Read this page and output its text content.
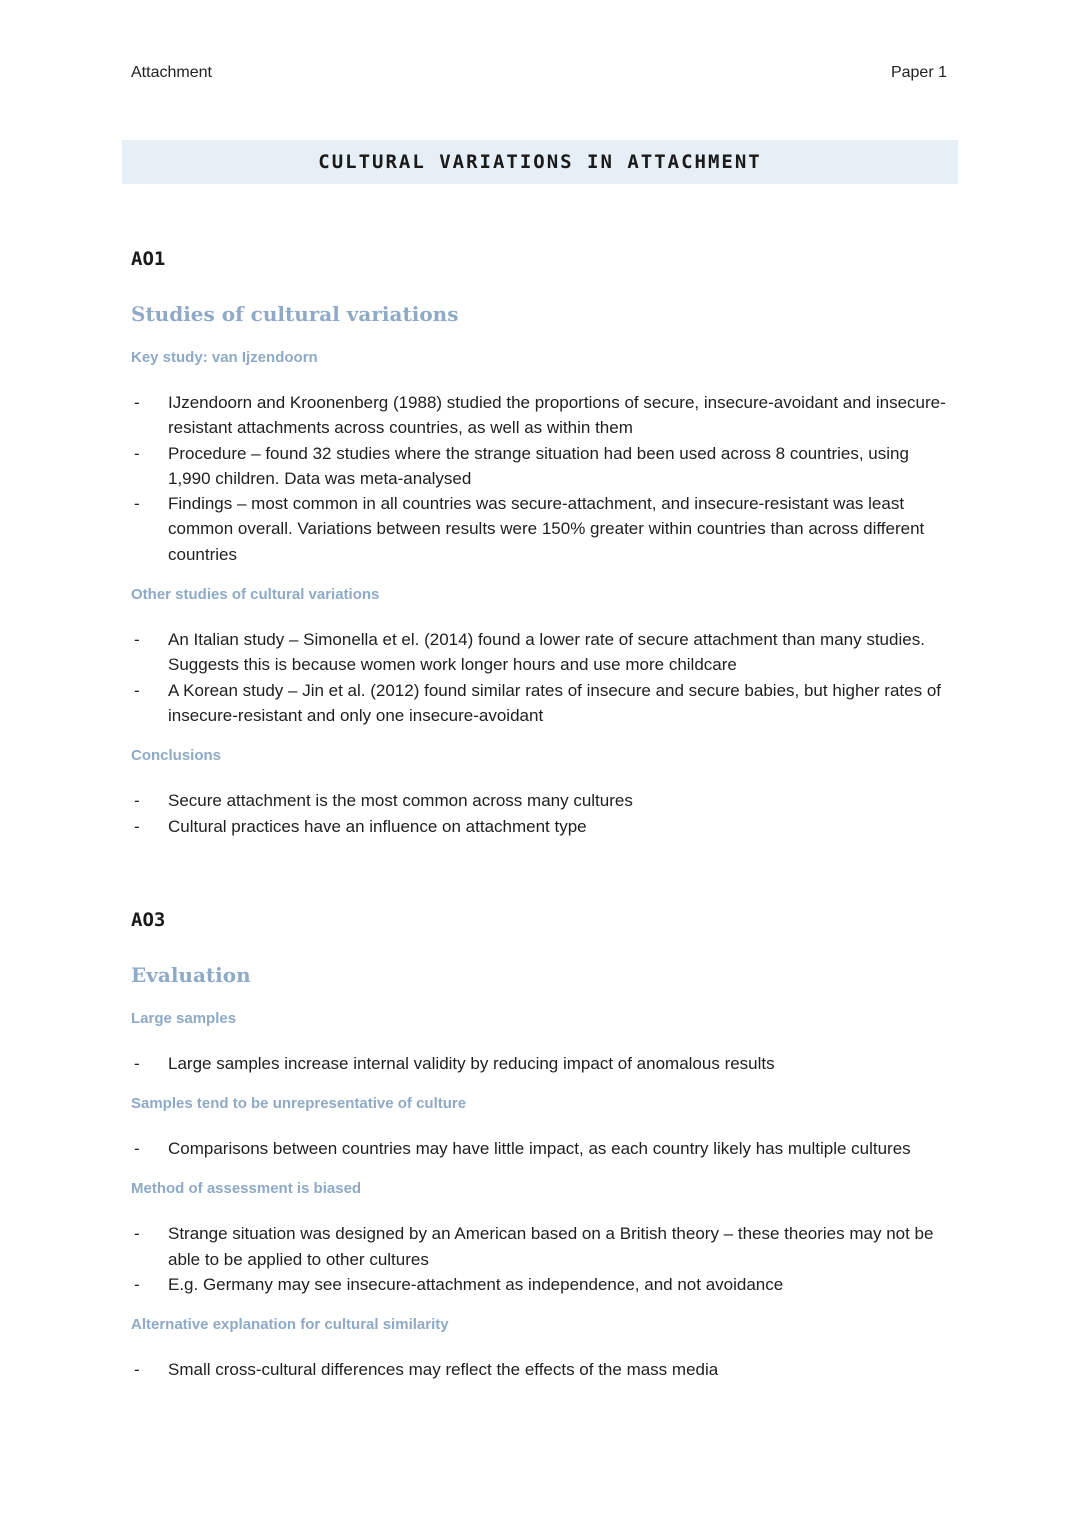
Attachment	Paper 1
CULTURAL VARIATIONS IN ATTACHMENT
AO1
Studies of cultural variations
Key study: van Ijzendoorn
- IJzendoorn and Kroonenberg (1988) studied the proportions of secure, insecure-avoidant and insecure-resistant attachments across countries, as well as within them
- Procedure – found 32 studies where the strange situation had been used across 8 countries, using 1,990 children. Data was meta-analysed
- Findings – most common in all countries was secure-attachment, and insecure-resistant was least common overall. Variations between results were 150% greater within countries than across different countries
Other studies of cultural variations
- An Italian study – Simonella et el. (2014) found a lower rate of secure attachment than many studies. Suggests this is because women work longer hours and use more childcare
- A Korean study – Jin et al. (2012) found similar rates of insecure and secure babies, but higher rates of insecure-resistant and only one insecure-avoidant
Conclusions
- Secure attachment is the most common across many cultures
- Cultural practices have an influence on attachment type
AO3
Evaluation
Large samples
- Large samples increase internal validity by reducing impact of anomalous results
Samples tend to be unrepresentative of culture
- Comparisons between countries may have little impact, as each country likely has multiple cultures
Method of assessment is biased
- Strange situation was designed by an American based on a British theory – these theories may not be able to be applied to other cultures
- E.g. Germany may see insecure-attachment as independence, and not avoidance
Alternative explanation for cultural similarity
- Small cross-cultural differences may reflect the effects of the mass media
